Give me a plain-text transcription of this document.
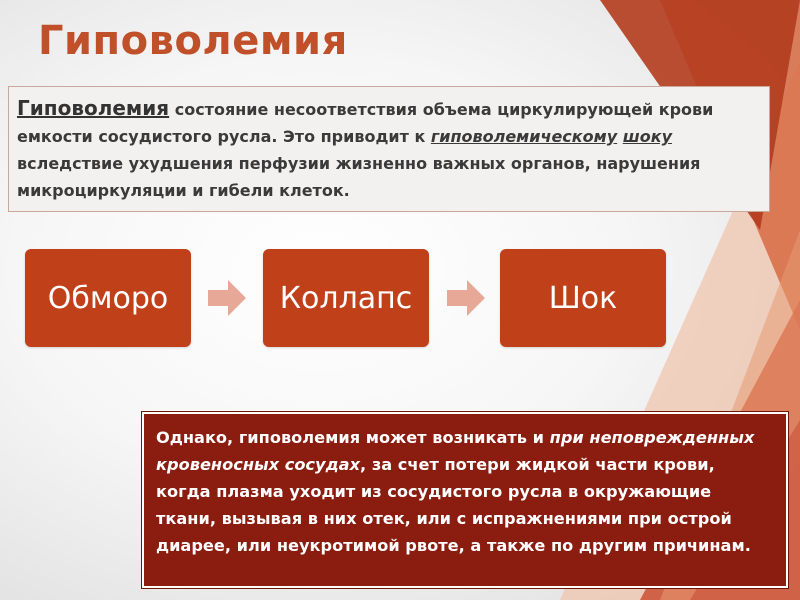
Гиповолемия
Гиповолемия состояние несоответствия объема циркулирующей крови емкости сосудистого русла. Это приводит к гиповолемическому шоку вследствие ухудшения перфузии жизненно важных органов, нарушения микроциркуляции и гибели клеток.
Обморо	Коллапс	Шок
Однако, гиповолемия может возникать и при неповрежденных кровеносных сосудах, за счет потери жидкой части крови, когда плазма уходит из сосудистого русла в окружающие ткани, вызывая в них отек, или с испражнениями при острой диарее, или неукротимой рвоте, а также по другим причинам.
